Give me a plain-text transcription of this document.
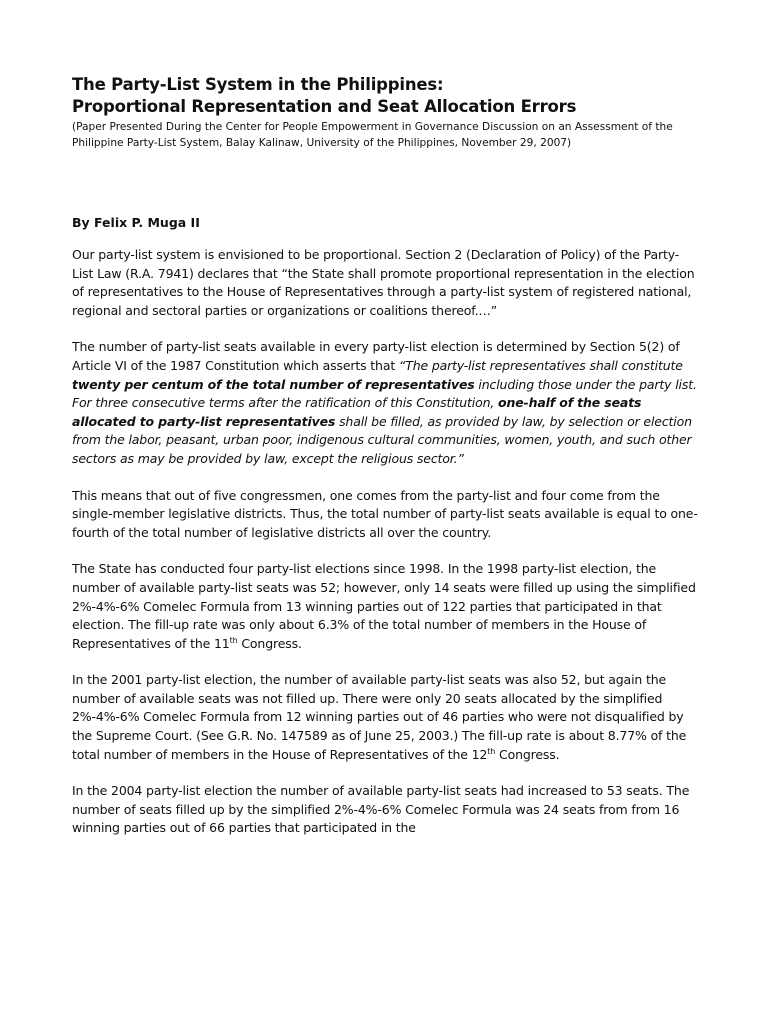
The Party-List System in the Philippines:
Proportional Representation and Seat Allocation Errors

(Paper Presented During the Center for People Empowerment in Governance Discussion on an Assessment of the Philippine Party-List System, Balay Kalinaw, University of the Philippines, November 29, 2007)

By Felix P. Muga II

Our party-list system is envisioned to be proportional. Section 2 (Declaration of Policy) of the Party-List Law (R.A. 7941) declares that “the State shall promote proportional representation in the election of representatives to the House of Representatives through a party-list system of registered national, regional and sectoral parties or organizations or coalitions thereof.…”

The number of party-list seats available in every party-list election is determined by Section 5(2) of Article VI of the 1987 Constitution which asserts that “The party-list representatives shall constitute twenty per centum of the total number of representatives including those under the party list. For three consecutive terms after the ratification of this Constitution, one-half of the seats allocated to party-list representatives shall be filled, as provided by law, by selection or election from the labor, peasant, urban poor, indigenous cultural communities, women, youth, and such other sectors as may be provided by law, except the religious sector.”

This means that out of five congressmen, one comes from the party-list and four come from the single-member legislative districts. Thus, the total number of party-list seats available is equal to one-fourth of the total number of legislative districts all over the country.

The State has conducted four party-list elections since 1998. In the 1998 party-list election, the number of available party-list seats was 52; however, only 14 seats were filled up using the simplified 2%-4%-6% Comelec Formula from 13 winning parties out of 122 parties that participated in that election. The fill-up rate was only about 6.3% of the total number of members in the House of Representatives of the 11th Congress.

In the 2001 party-list election, the number of available party-list seats was also 52, but again the number of available seats was not filled up. There were only 20 seats allocated by the simplified 2%-4%-6% Comelec Formula from 12 winning parties out of 46 parties who were not disqualified by the Supreme Court. (See G.R. No. 147589 as of June 25, 2003.) The fill-up rate is about 8.77% of the total number of members in the House of Representatives of the 12th Congress.

In the 2004 party-list election the number of available party-list seats had increased to 53 seats. The number of seats filled up by the simplified 2%-4%-6% Comelec Formula was 24 seats from from 16 winning parties out of 66 parties that participated in the
